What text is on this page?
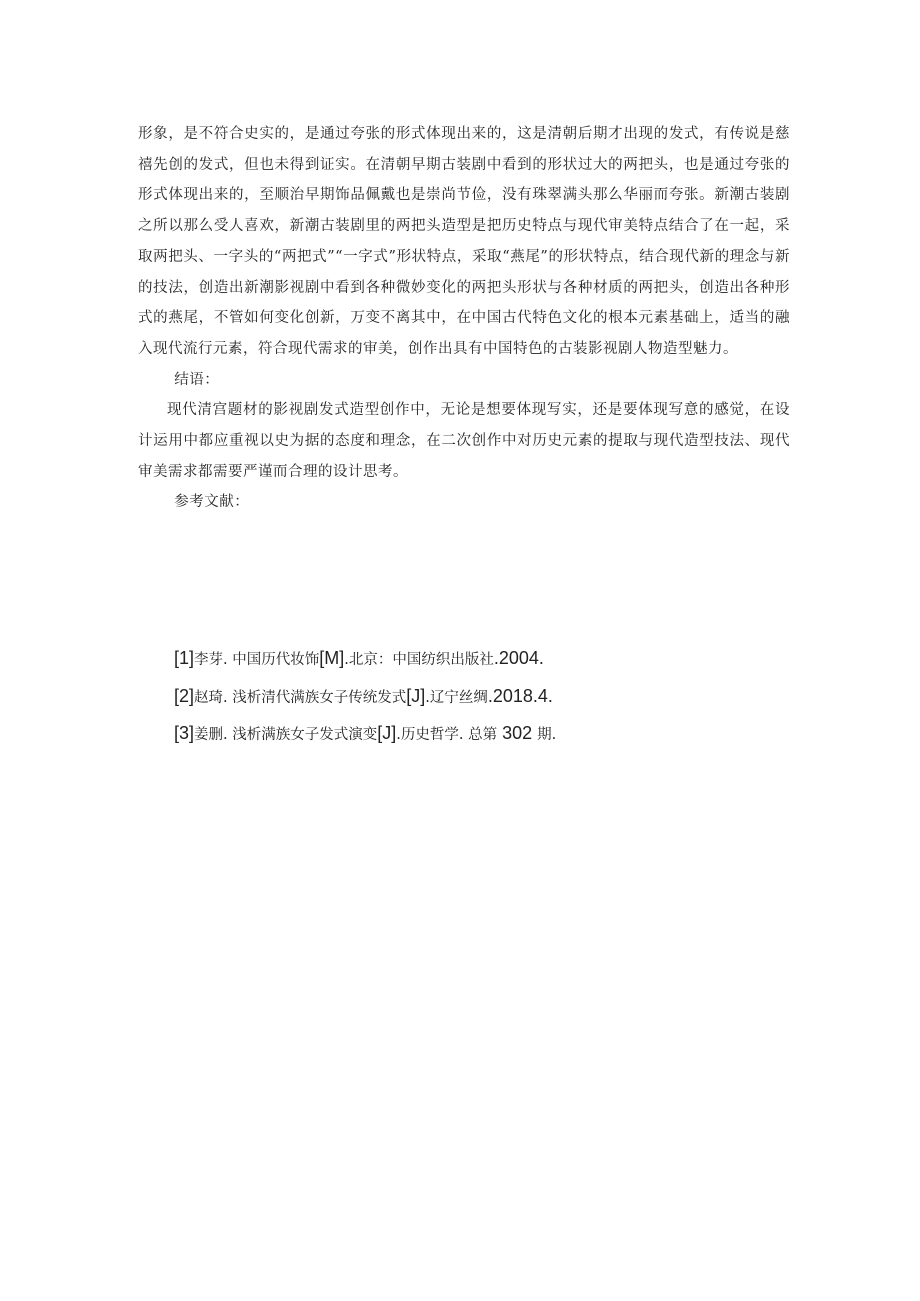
形象，是不符合史实的，是通过夸张的形式体现出来的，这是清朝后期才出现的发式，有传说是慈禧先创的发式，但也未得到证实。在清朝早期古装剧中看到的形状过大的两把头，也是通过夸张的形式体现出来的，至顺治早期饰品佩戴也是崇尚节俭，没有珠翠满头那么华丽而夸张。新潮古装剧之所以那么受人喜欢，新潮古装剧里的两把头造型是把历史特点与现代审美特点结合了在一起，采取两把头、一字头的“两把式”“一字式”形状特点，采取“燕尾”的形状特点，结合现代新的理念与新的技法，创造出新潮影视剧中看到各种微妙变化的两把头形状与各种材质的两把头，创造出各种形式的燕尾，不管如何变化创新，万变不离其中，在中国古代特色文化的根本元素基础上，适当的融入现代流行元素，符合现代需求的审美，创作出具有中国特色的古装影视剧人物造型魅力。

结语：

现代清宫题材的影视剧发式造型创作中，无论是想要体现写实，还是要体现写意的感觉，在设计运用中都应重视以史为据的态度和理念，在二次创作中对历史元素的提取与现代造型技法、现代审美需求都需要严谨而合理的设计思考。

参考文献：

[1]李芽. 中国历代妆饰[M].北京：中国纺织出版社.2004.
[2]赵琦. 浅析清代满族女子传统发式[J].辽宁丝绸.2018.4.
[3]姜删. 浅析满族女子发式演变[J].历史哲学. 总第 302 期.
